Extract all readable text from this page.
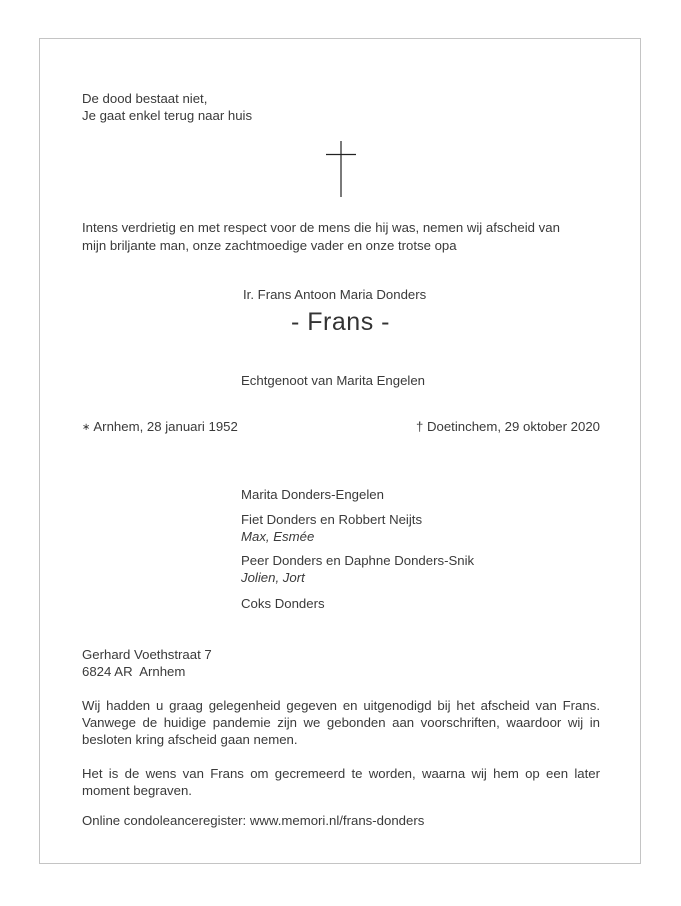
De dood bestaat niet,

Je gaat enkel terug naar huis

Intens verdrietig en met respect voor de mens die hij was, nemen wij afscheid van

mijn briljante man, onze zachtmoedige vader en onze trotse opa

Ir. Frans Antoon Maria Donders

- Frans -

Echtgenoot van Marita Engelen

∗ Arnhem, 28 januari 1952	† Doetinchem, 29 oktober 2020

Marita Donders-Engelen

Fiet Donders en Robbert Neijts

Max, Esmée

Peer Donders en Daphne Donders-Snik

Jolien, Jort

Coks Donders

Gerhard Voethstraat 7

6824 AR  Arnhem

Wij hadden u graag gelegenheid gegeven en uitgenodigd bij het afscheid van Frans. Vanwege de huidige pandemie zijn we gebonden aan voorschriften, waardoor wij in besloten kring afscheid gaan nemen.

Het is de wens van Frans om gecremeerd te worden, waarna wij hem op een later moment begraven.

Online condoleanceregister: www.memori.nl/frans-donders
